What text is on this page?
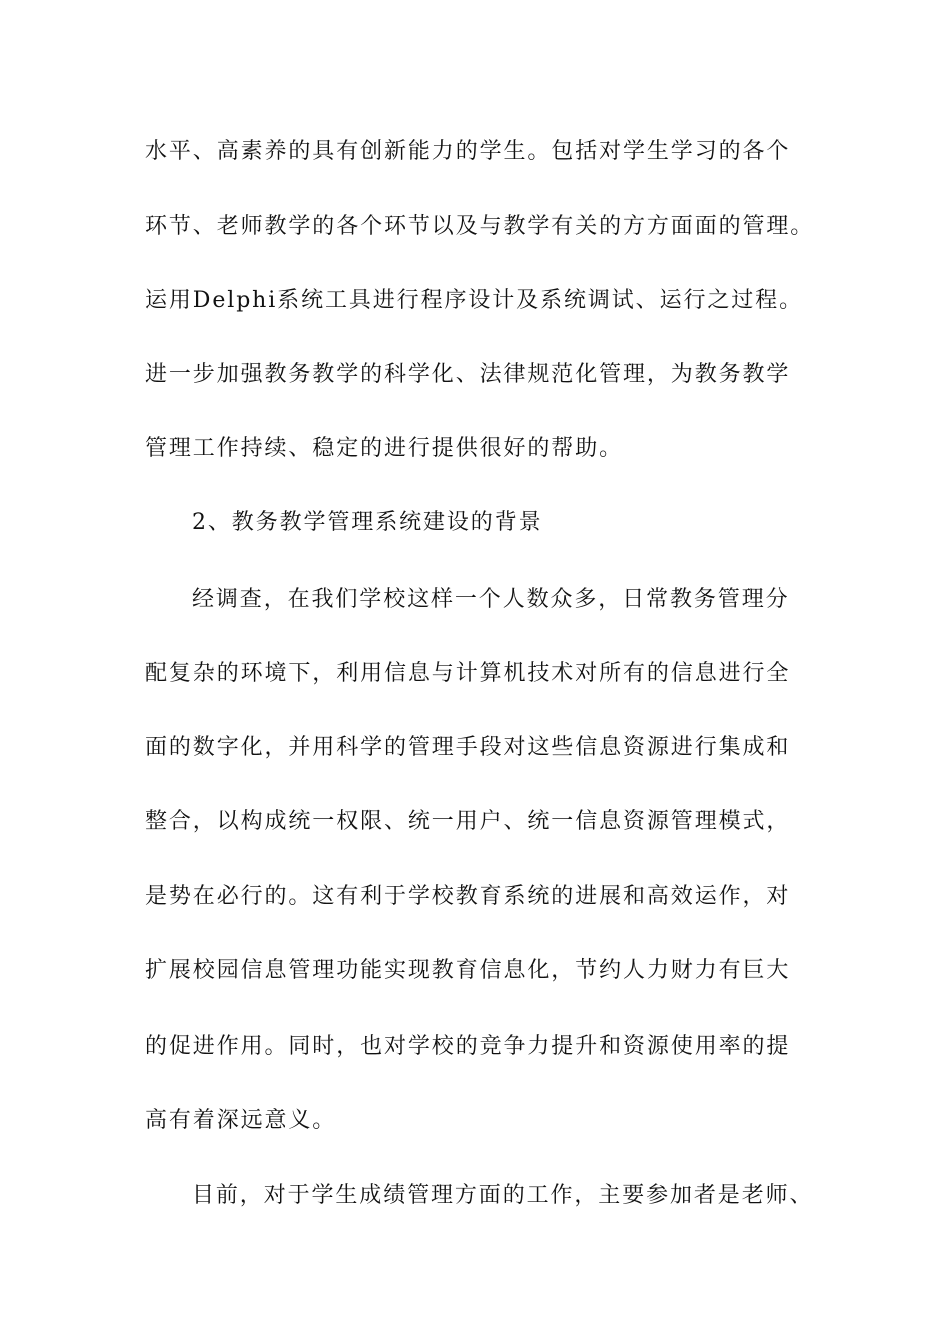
水平、高素养的具有创新能力的学生。包括对学生学习的各个
环节、老师教学的各个环节以及与教学有关的方方面面的管理。
运用Delphi系统工具进行程序设计及系统调试、运行之过程。
进一步加强教务教学的科学化、法律规范化管理，为教务教学
管理工作持续、稳定的进行提供很好的帮助。
2、教务教学管理系统建设的背景
经调查，在我们学校这样一个人数众多，日常教务管理分
配复杂的环境下，利用信息与计算机技术对所有的信息进行全
面的数字化，并用科学的管理手段对这些信息资源进行集成和
整合，以构成统一权限、统一用户、统一信息资源管理模式，
是势在必行的。这有利于学校教育系统的进展和高效运作，对
扩展校园信息管理功能实现教育信息化，节约人力财力有巨大
的促进作用。同时，也对学校的竞争力提升和资源使用率的提
高有着深远意义。
目前，对于学生成绩管理方面的工作，主要参加者是老师、
